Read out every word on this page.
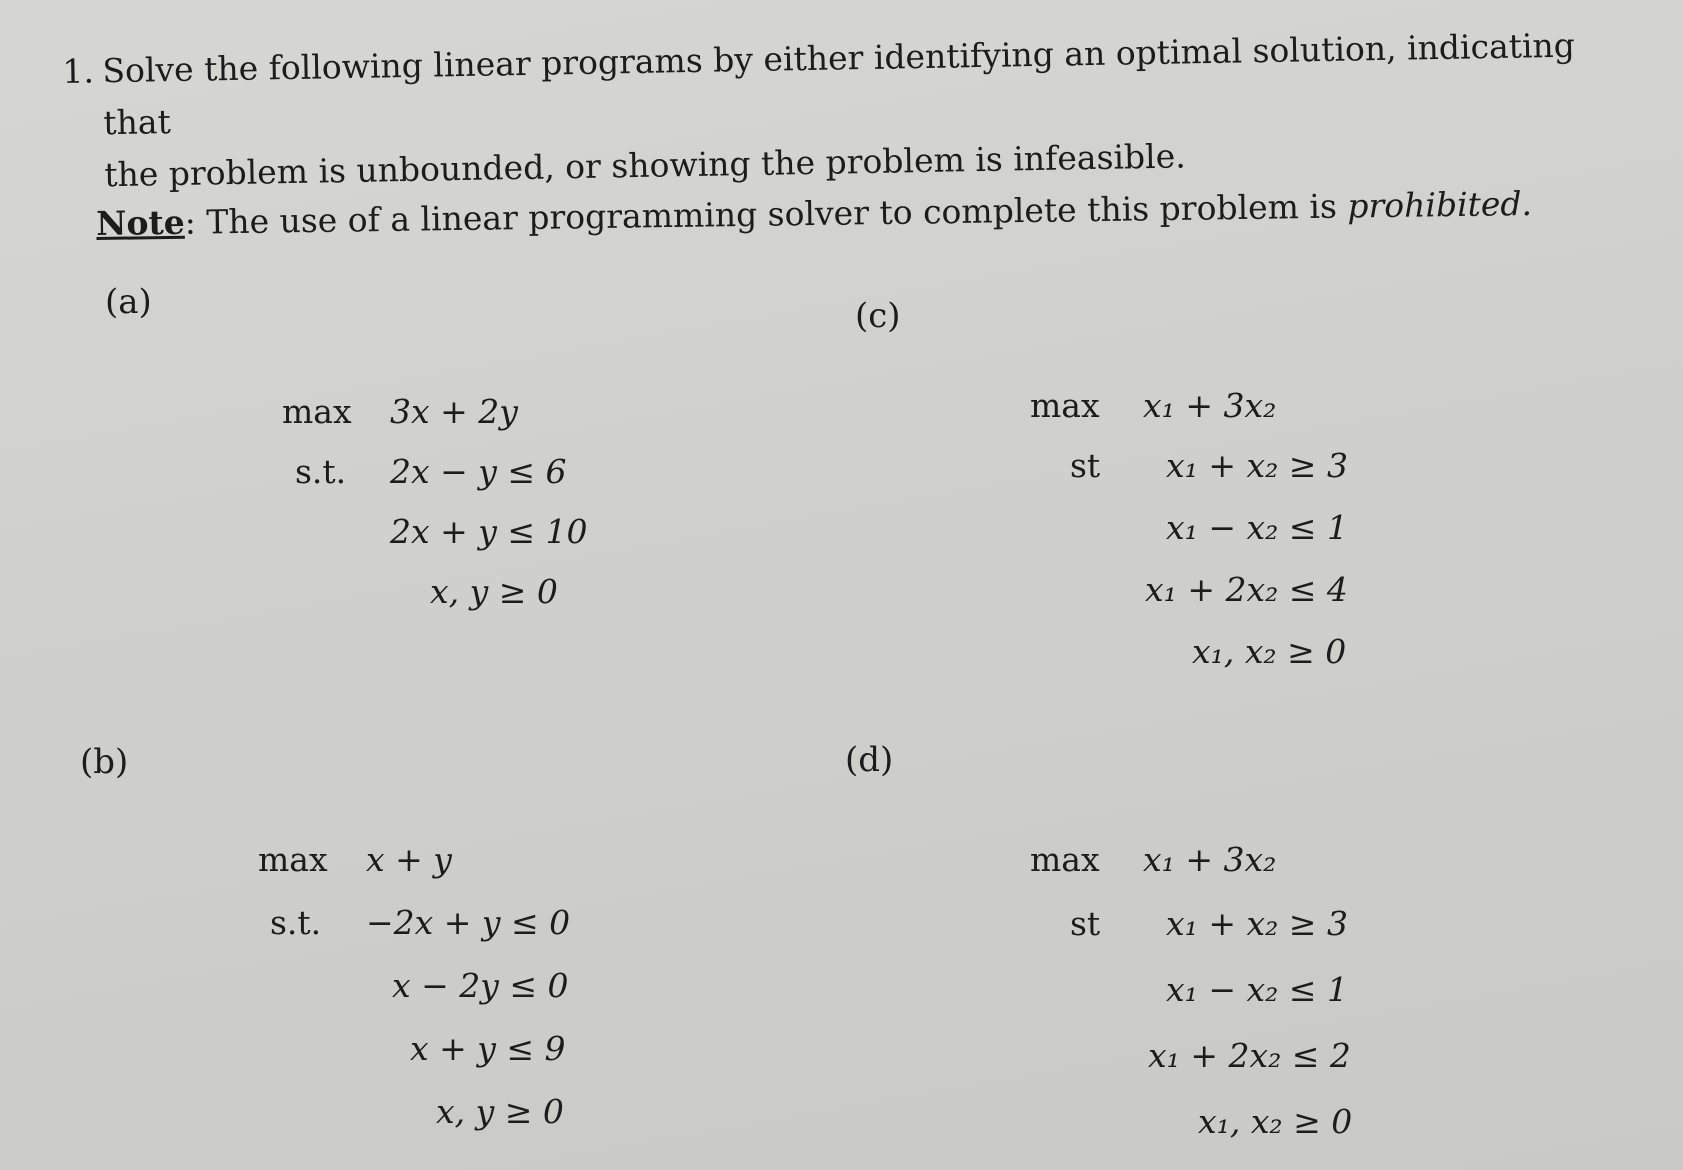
1. Solve the following linear programs by either identifying an optimal solution, indicating that
the problem is unbounded, or showing the problem is infeasible.
Note: The use of a linear programming solver to complete this problem is prohibited.
(a)
max 3x + 2y
s.t. 2x − y ≤ 6
2x + y ≤ 10
x, y ≥ 0
(b)
max x + y
s.t. −2x + y ≤ 0
x − 2y ≤ 0
x + y ≤ 9
x, y ≥ 0
(c)
max x₁ + 3x₂
st x₁ + x₂ ≥ 3
x₁ − x₂ ≤ 1
x₁ + 2x₂ ≤ 4
x₁, x₂ ≥ 0
(d)
max x₁ + 3x₂
st x₁ + x₂ ≥ 3
x₁ − x₂ ≤ 1
x₁ + 2x₂ ≤ 2
x₁, x₂ ≥ 0
